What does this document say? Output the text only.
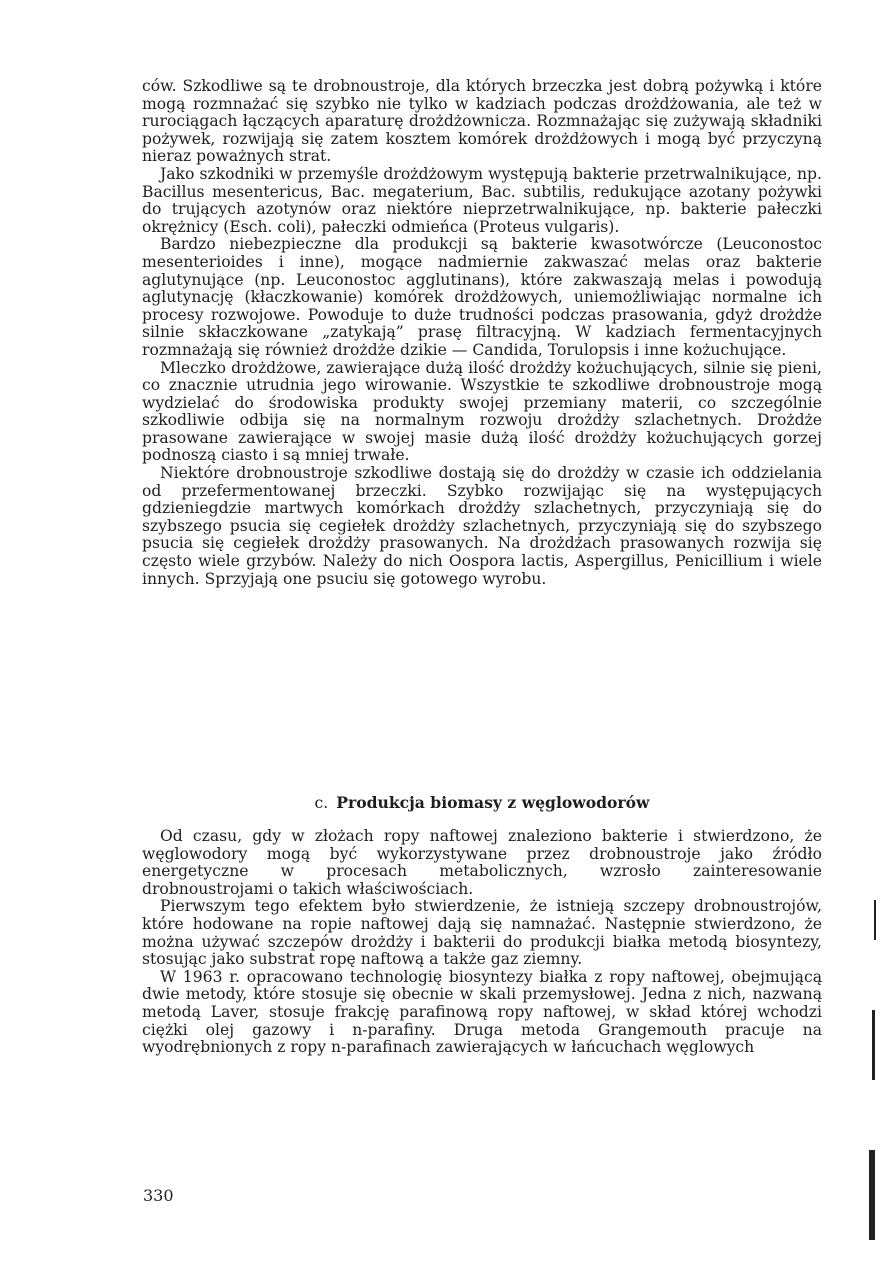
ców. Szkodliwe są te drobnoustroje, dla których brzeczka jest dobrą pożywką i które mogą rozmnażać się szybko nie tylko w kadziach podczas drożdżowania, ale też w rurociągach łączących aparaturę drożdżownicza. Rozmnażając się zużywają składniki pożywek, rozwijają się zatem kosztem komórek drożdżowych i mogą być przyczyną nieraz poważnych strat.

Jako szkodniki w przemyśle drożdżowym występują bakterie przetrwalnikujące, np. Bacillus mesentericus, Bac. megaterium, Bac. subtilis, redukujące azotany pożywki do trujących azotynów oraz niektóre nieprzetrwalnikujące, np. bakterie pałeczki okrężnicy (Esch. coli), pałeczki odmieńca (Proteus vulgaris).

Bardzo niebezpieczne dla produkcji są bakterie kwasotwórcze (Leuconostoc mesenterioides i inne), mogące nadmiernie zakwaszać melas oraz bakterie aglutynujące (np. Leuconostoc agglutinans), które zakwaszają melas i powodują aglutynację (kłaczkowanie) komórek drożdżowych, uniemożliwiając normalne ich procesy rozwojowe. Powoduje to duże trudności podczas prasowania, gdyż drożdże silnie skłaczkowane „zatykają” prasę filtracyjną. W kadziach fermentacyjnych rozmnażają się również drożdże dzikie — Candida, Torulopsis i inne kożuchujące.

Mleczko drożdżowe, zawierające dużą ilość drożdży kożuchujących, silnie się pieni, co znacznie utrudnia jego wirowanie. Wszystkie te szkodliwe drobnoustroje mogą wydzielać do środowiska produkty swojej przemiany materii, co szczególnie szkodliwie odbija się na normalnym rozwoju drożdży szlachetnych. Drożdże prasowane zawierające w swojej masie dużą ilość drożdży kożuchujących gorzej podnoszą ciasto i są mniej trwałe.

Niektóre drobnoustroje szkodliwe dostają się do drożdży w czasie ich oddzielania od przefermentowanej brzeczki. Szybko rozwijając się na występujących gdzieniegdzie martwych komórkach drożdży szlachetnych, przyczyniają się do szybszego psucia się cegiełek drożdży szlachetnych, przyczyniają się do szybszego psucia się cegiełek drożdży prasowanych. Na drożdżach prasowanych rozwija się często wiele grzybów. Należy do nich Oospora lactis, Aspergillus, Penicillium i wiele innych. Sprzyjają one psuciu się gotowego wyrobu.

c. Produkcja biomasy z węglowodorów

Od czasu, gdy w złożach ropy naftowej znaleziono bakterie i stwierdzono, że węglowodory mogą być wykorzystywane przez drobnoustroje jako źródło energetyczne w procesach metabolicznych, wzrosło zainteresowanie drobnoustrojami o takich właściwościach.

Pierwszym tego efektem było stwierdzenie, że istnieją szczepy drobnoustrojów, które hodowane na ropie naftowej dają się namnażać. Następnie stwierdzono, że można używać szczepów drożdży i bakterii do produkcji białka metodą biosyntezy, stosując jako substrat ropę naftową a także gaz ziemny.

W 1963 r. opracowano technologię biosyntezy białka z ropy naftowej, obejmującą dwie metody, które stosuje się obecnie w skali przemysłowej. Jedna z nich, nazwaną metodą Laver, stosuje frakcję parafinową ropy naftowej, w skład której wchodzi ciężki olej gazowy i n-parafiny. Druga metoda Grangemouth pracuje na wyodrębnionych z ropy n-parafinach zawierających w łańcuchach węglowych

330
